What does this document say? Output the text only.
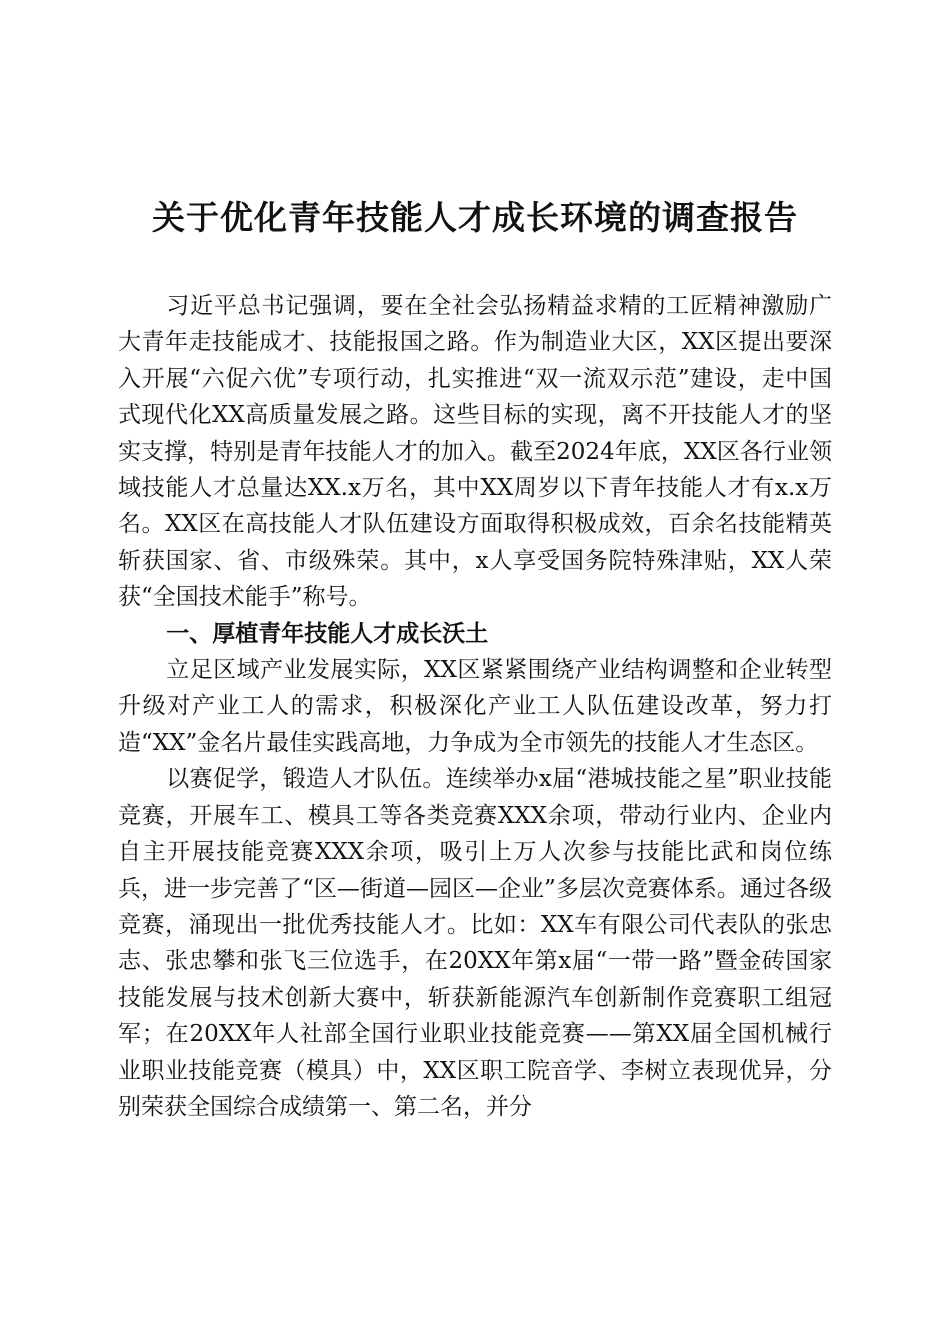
关于优化青年技能人才成长环境的调查报告

习近平总书记强调，要在全社会弘扬精益求精的工匠精神激励广大青年走技能成才、技能报国之路。作为制造业大区，XX区提出要深入开展“六促六优”专项行动，扎实推进“双一流双示范”建设，走中国式现代化XX高质量发展之路。这些目标的实现，离不开技能人才的坚实支撑，特别是青年技能人才的加入。截至2024年底，XX区各行业领域技能人才总量达XX.x万名，其中XX周岁以下青年技能人才有x.x万名。XX区在高技能人才队伍建设方面取得积极成效，百余名技能精英斩获国家、省、市级殊荣。其中，x人享受国务院特殊津贴，XX人荣获“全国技术能手”称号。

一、厚植青年技能人才成长沃土

立足区域产业发展实际，XX区紧紧围绕产业结构调整和企业转型升级对产业工人的需求，积极深化产业工人队伍建设改革，努力打造“XX”金名片最佳实践高地，力争成为全市领先的技能人才生态区。

以赛促学，锻造人才队伍。连续举办x届“港城技能之星”职业技能竞赛，开展车工、模具工等各类竞赛XXX余项，带动行业内、企业内自主开展技能竞赛XXX余项，吸引上万人次参与技能比武和岗位练兵，进一步完善了“区—街道—园区—企业”多层次竞赛体系。通过各级竞赛，涌现出一批优秀技能人才。比如：XX车有限公司代表队的张忠志、张忠攀和张飞三位选手，在20XX年第x届“一带一路”暨金砖国家技能发展与技术创新大赛中，斩获新能源汽车创新制作竞赛职工组冠军；在20XX年人社部全国行业职业技能竞赛——第XX届全国机械行业职业技能竞赛（模具）中，XX区职工院音学、李树立表现优异，分别荣获全国综合成绩第一、第二名，并分
